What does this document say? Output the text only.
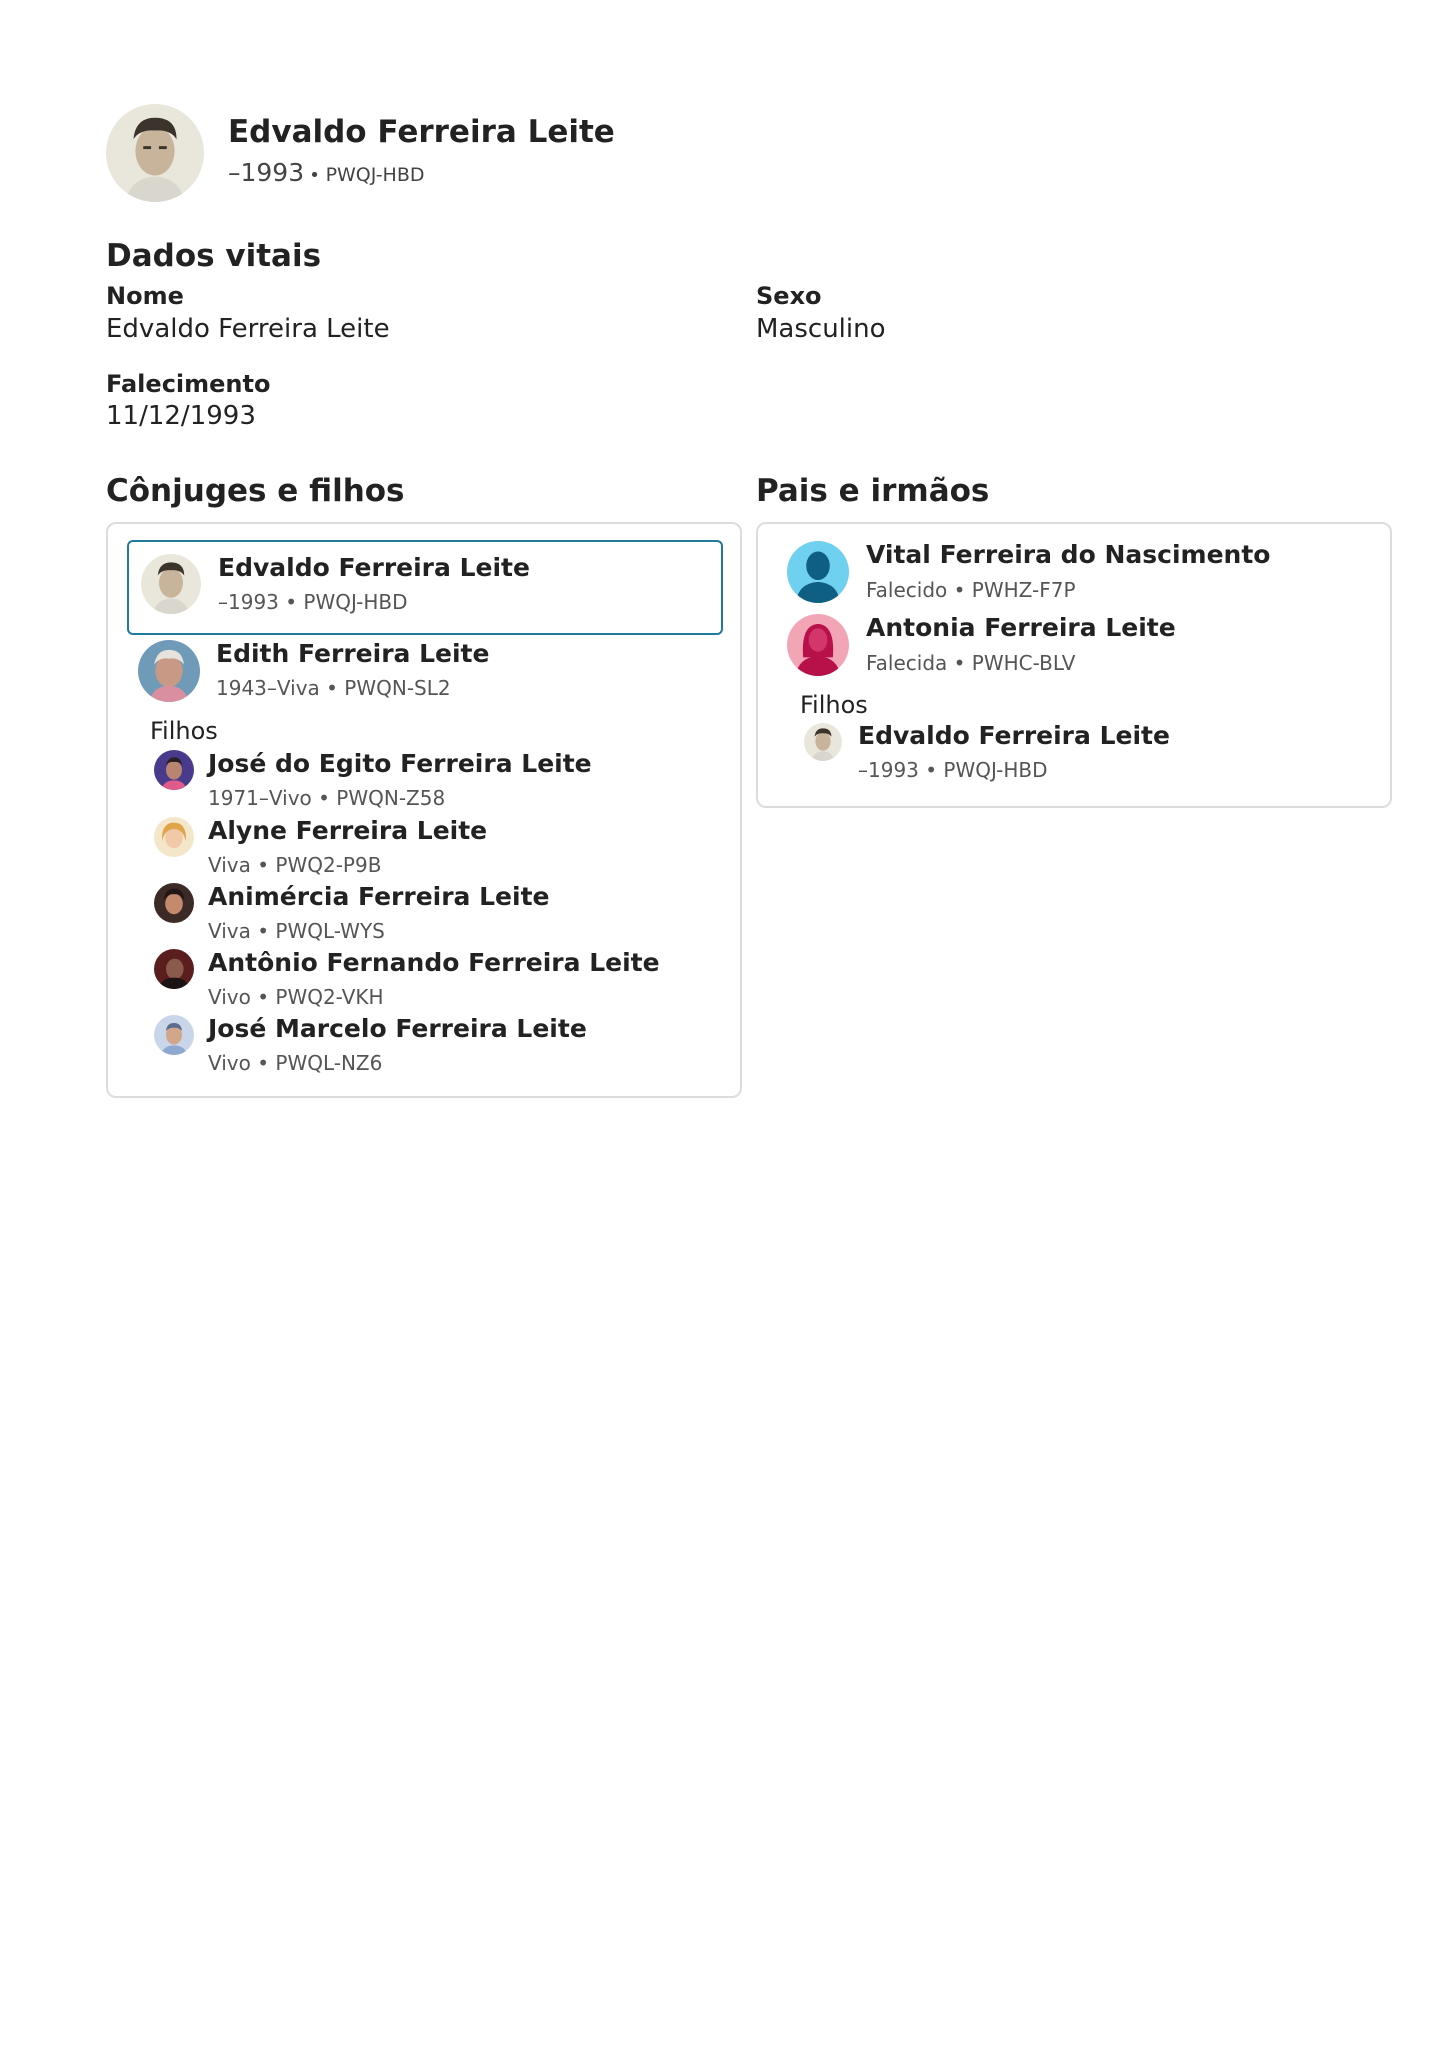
Edvaldo Ferreira Leite
–1993 • PWQJ-HBD
Dados vitais
Nome
Edvaldo Ferreira Leite
Sexo
Masculino
Falecimento
11/12/1993
Cônjuges e filhos
Edvaldo Ferreira Leite
–1993 • PWQJ-HBD
Edith Ferreira Leite
1943–Viva • PWQN-SL2
Filhos
José do Egito Ferreira Leite
1971–Vivo • PWQN-Z58
Alyne Ferreira Leite
Viva • PWQ2-P9B
Animércia Ferreira Leite
Viva • PWQL-WYS
Antônio Fernando Ferreira Leite
Vivo • PWQ2-VKH
José Marcelo Ferreira Leite
Vivo • PWQL-NZ6
Pais e irmãos
Vital Ferreira do Nascimento
Falecido • PWHZ-F7P
Antonia Ferreira Leite
Falecida • PWHC-BLV
Filhos
Edvaldo Ferreira Leite
–1993 • PWQJ-HBD
